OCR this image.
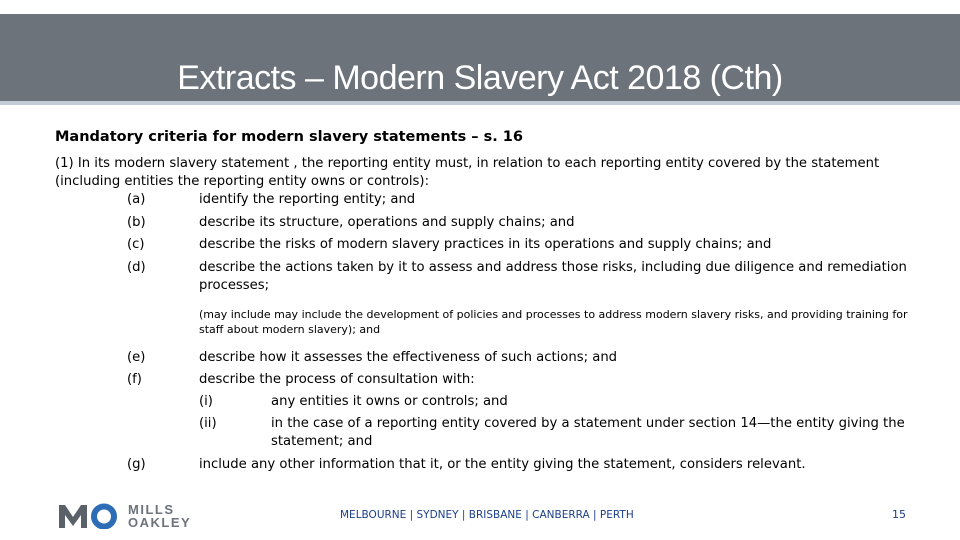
Extracts – Modern Slavery Act 2018 (Cth)
Mandatory criteria for modern slavery statements – s. 16
(1) In its modern slavery statement , the reporting entity must, in relation to each reporting entity covered by the statement (including entities the reporting entity owns or controls):
(a)	identify the reporting entity; and
(b)	describe its structure, operations and supply chains; and
(c)	describe the risks of modern slavery practices in its operations and supply chains; and
(d)	describe the actions taken by it to assess and address those risks, including due diligence and remediation processes;
(may include may include the development of policies and processes to address modern slavery risks, and providing training for staff about modern slavery); and
(e)	describe how it assesses the effectiveness of such actions; and
(f)	describe the process of consultation with:
(i)	any entities it owns or controls; and
(ii)	in the case of a reporting entity covered by a statement under section 14—the entity giving the statement; and
(g)	include any other information that it, or the entity giving the statement, considers relevant.
MILLS
OAKLEY	MELBOURNE | SYDNEY | BRISBANE | CANBERRA | PERTH	15
